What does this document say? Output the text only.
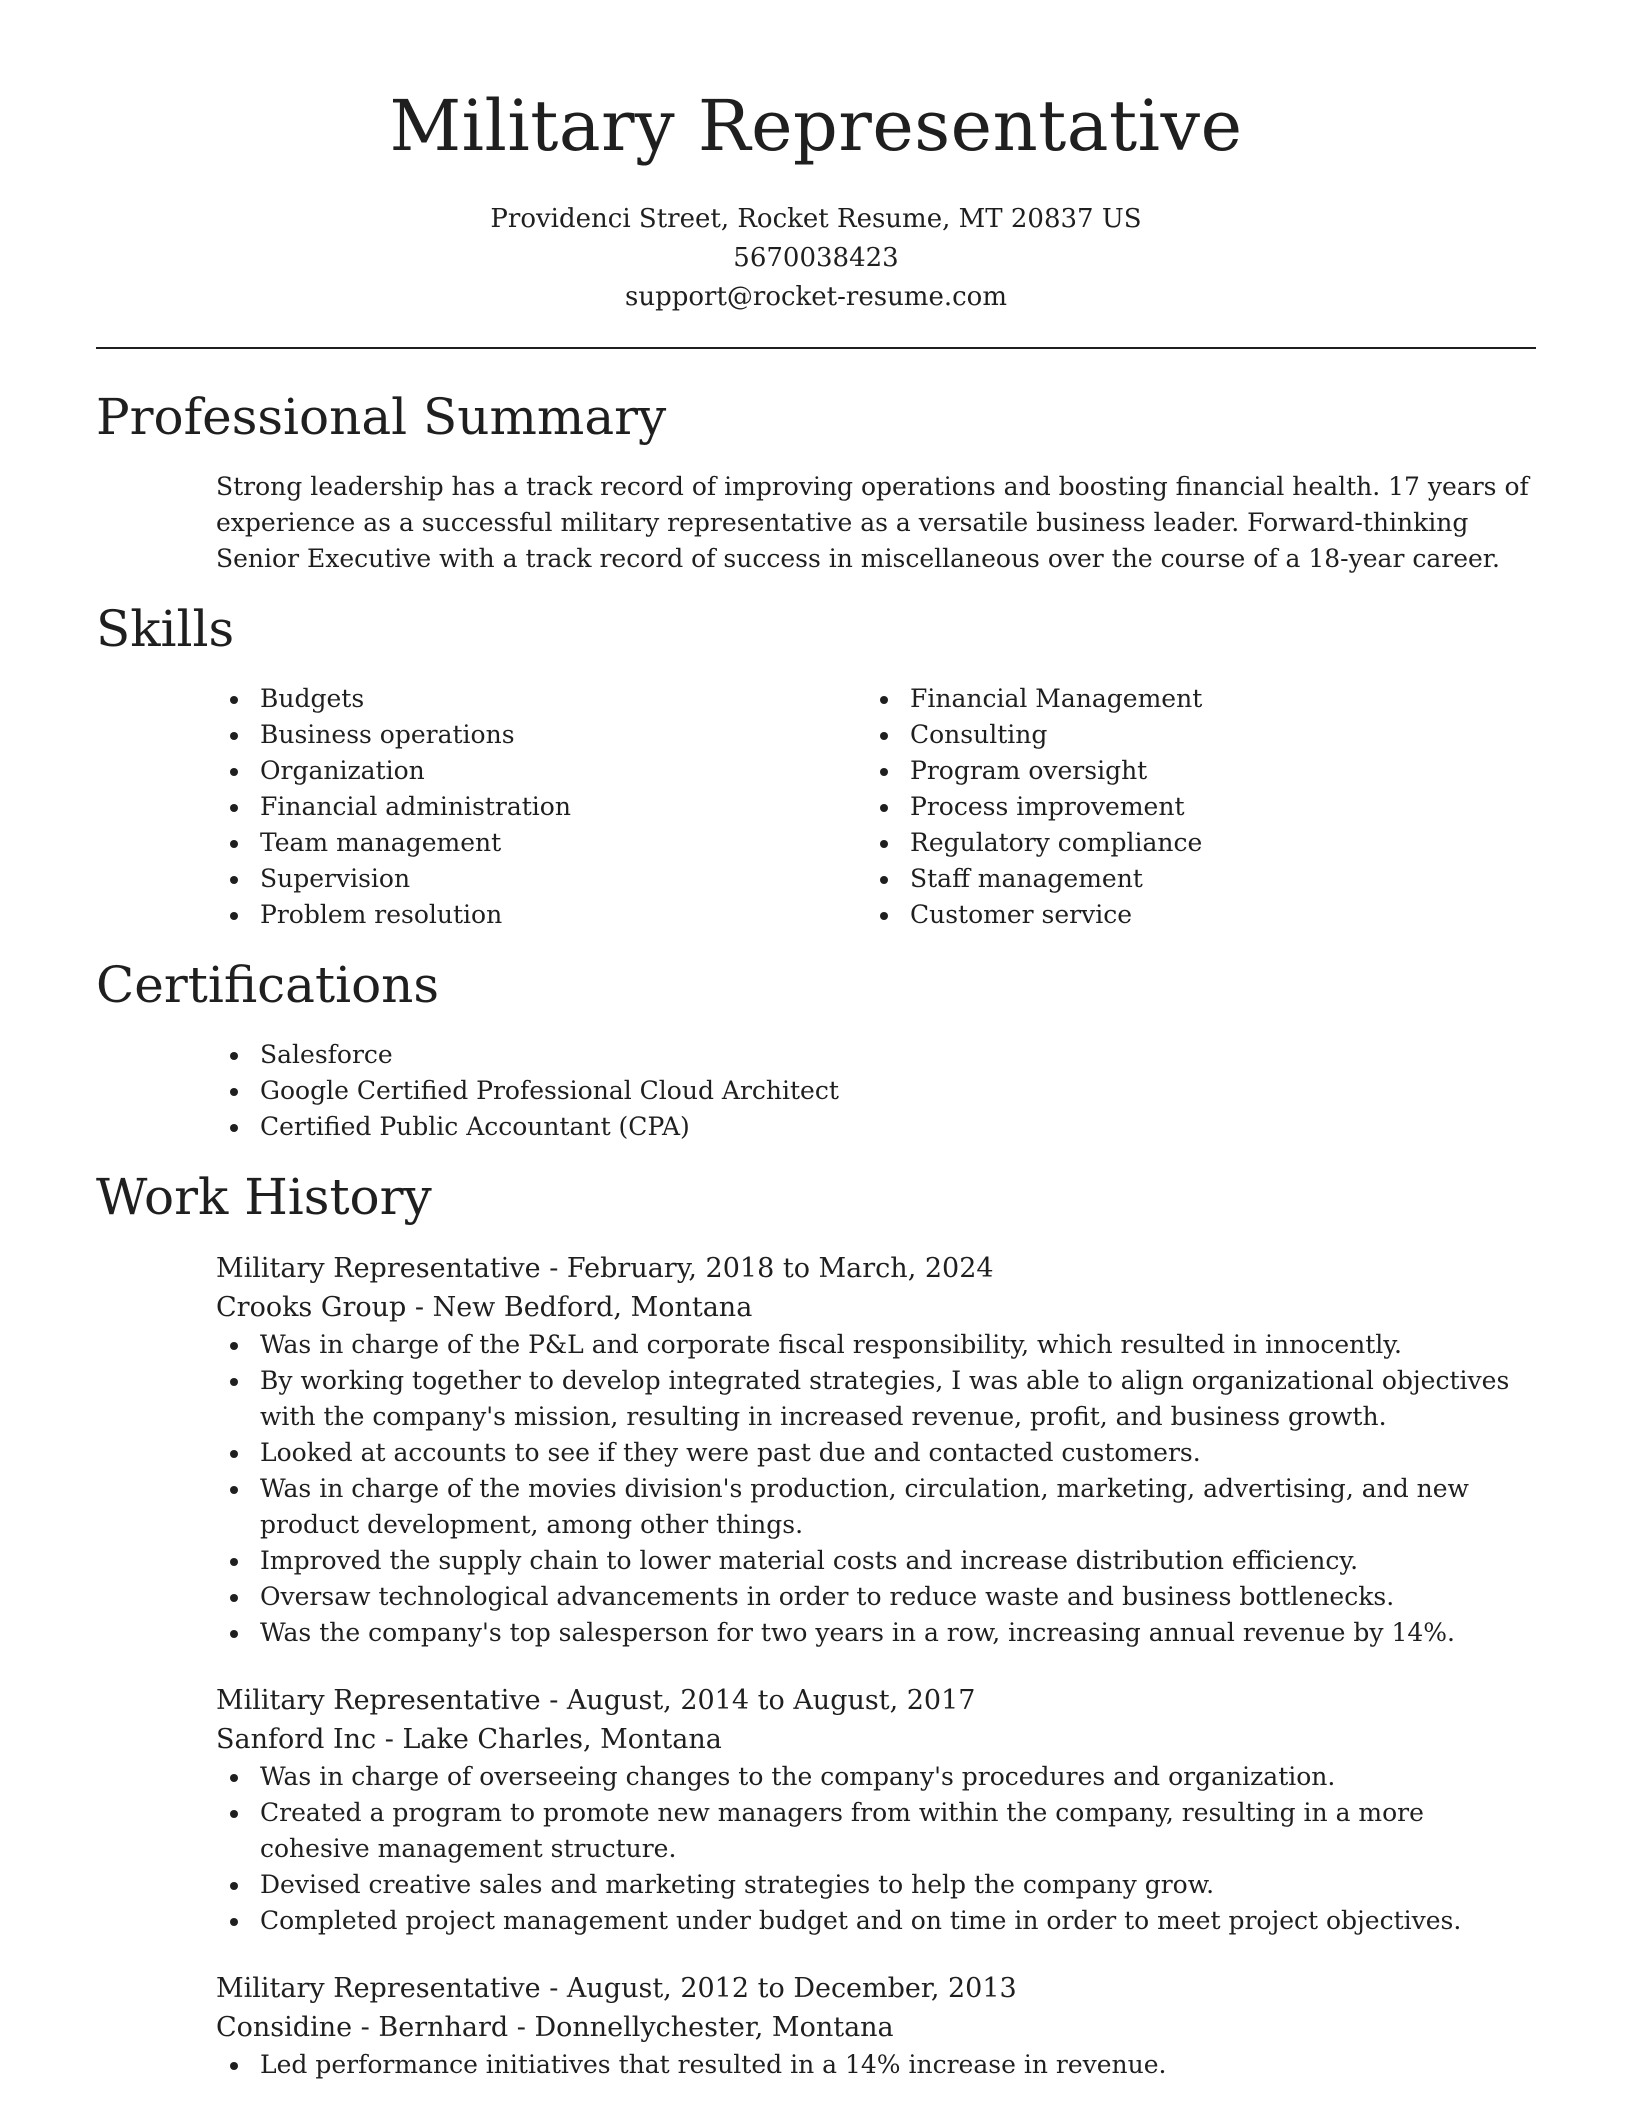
Military Representative
Providenci Street, Rocket Resume, MT 20837 US
5670038423
support@rocket-resume.com
Professional Summary
Strong leadership has a track record of improving operations and boosting financial health. 17 years of experience as a successful military representative as a versatile business leader. Forward-thinking Senior Executive with a track record of success in miscellaneous over the course of a 18-year career.
Skills
Budgets
Business operations
Organization
Financial administration
Team management
Supervision
Problem resolution
Financial Management
Consulting
Program oversight
Process improvement
Regulatory compliance
Staff management
Customer service
Certifications
Salesforce
Google Certified Professional Cloud Architect
Certified Public Accountant (CPA)
Work History
Military Representative - February, 2018 to March, 2024
Crooks Group - New Bedford, Montana
Was in charge of the P&L and corporate fiscal responsibility, which resulted in innocently.
By working together to develop integrated strategies, I was able to align organizational objectives with the company's mission, resulting in increased revenue, profit, and business growth.
Looked at accounts to see if they were past due and contacted customers.
Was in charge of the movies division's production, circulation, marketing, advertising, and new product development, among other things.
Improved the supply chain to lower material costs and increase distribution efficiency.
Oversaw technological advancements in order to reduce waste and business bottlenecks.
Was the company's top salesperson for two years in a row, increasing annual revenue by 14%.
Military Representative - August, 2014 to August, 2017
Sanford Inc - Lake Charles, Montana
Was in charge of overseeing changes to the company's procedures and organization.
Created a program to promote new managers from within the company, resulting in a more cohesive management structure.
Devised creative sales and marketing strategies to help the company grow.
Completed project management under budget and on time in order to meet project objectives.
Military Representative - August, 2012 to December, 2013
Considine - Bernhard - Donnellychester, Montana
Led performance initiatives that resulted in a 14% increase in revenue.
